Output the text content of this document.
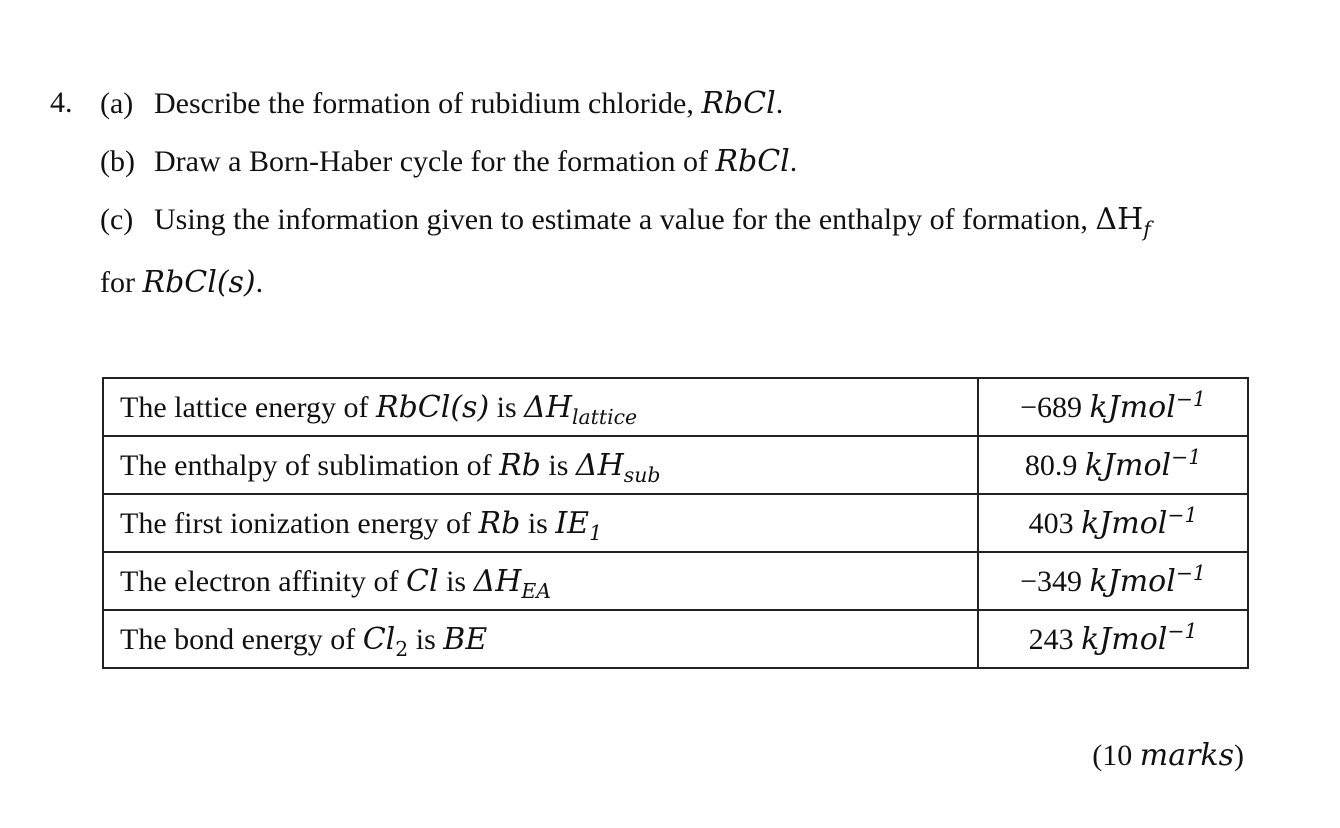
4. (a) Describe the formation of rubidium chloride, RbCl.
(b) Draw a Born-Haber cycle for the formation of RbCl.
(c) Using the information given to estimate a value for the enthalpy of formation, $\Delta H_f$
for RbCl(s).
The lattice energy of RbCl(s) is $\Delta H_{lattice}$	−689 kJmol$^{-1}$
The enthalpy of sublimation of Rb is $\Delta H_{sub}$	80.9 kJmol$^{-1}$
The first ionization energy of Rb is $IE_1$	403 kJmol$^{-1}$
The electron affinity of Cl is $\Delta H_{EA}$	−349 kJmol$^{-1}$
The bond energy of $Cl_2$ is BE	243 kJmol$^{-1}$
(10 marks)
